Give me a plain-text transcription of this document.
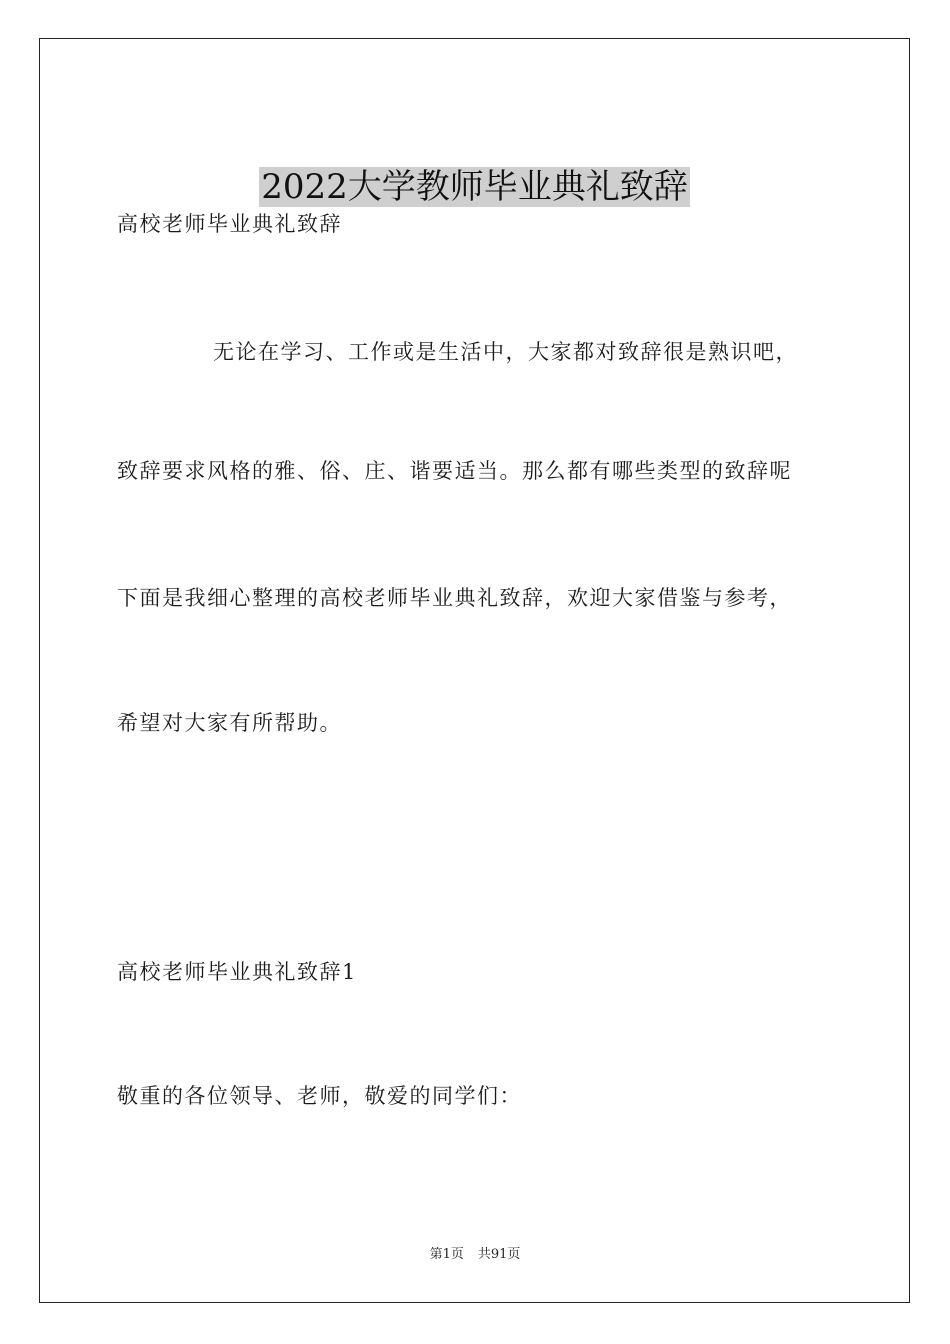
2022大学教师毕业典礼致辞
高校老师毕业典礼致辞
无论在学习、工作或是生活中，大家都对致辞很是熟识吧，
致辞要求风格的雅、俗、庄、谐要适当。那么都有哪些类型的致辞呢
下面是我细心整理的高校老师毕业典礼致辞，欢迎大家借鉴与参考，
希望对大家有所帮助。
高校老师毕业典礼致辞1
敬重的各位领导、老师，敬爱的同学们：
第1页 共91页
